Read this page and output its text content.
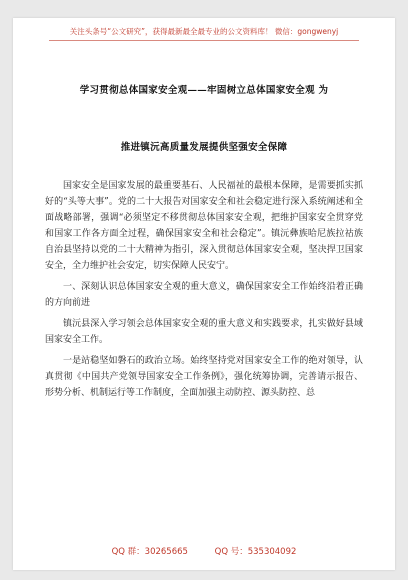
关注头条号“公文研究”，获得最新最全最专业的公文资料库！ 微信：gongwenyj
学习贯彻总体国家安全观——牢固树立总体国家安全观 为
推进镇沅高质量发展提供坚强安全保障

国家安全是国家发展的最重要基石、人民福祉的最根本保障，是需要抓实抓好的“头等大事”。党的二十大报告对国家安全和社会稳定进行深入系统阐述和全面战略部署，强调“必须坚定不移贯彻总体国家安全观，把维护国家安全贯穿党和国家工作各方面全过程，确保国家安全和社会稳定”。镇沅彝族哈尼族拉祜族自治县坚持以党的二十大精神为指引，深入贯彻总体国家安全观，坚决捍卫国家安全，全力维护社会安定，切实保障人民安宁。

一、深刻认识总体国家安全观的重大意义，确保国家安全工作始终沿着正确的方向前进

镇沅县深入学习领会总体国家安全观的重大意义和实践要求，扎实做好县域国家安全工作。

一是站稳坚如磐石的政治立场。始终坚持党对国家安全工作的绝对领导，认真贯彻《中国共产党领导国家安全工作条例》，强化统筹协调，完善请示报告、形势分析、机制运行等工作制度，全面加强主动防控、源头防控、总

QQ 群：30265665	QQ 号：535304092
